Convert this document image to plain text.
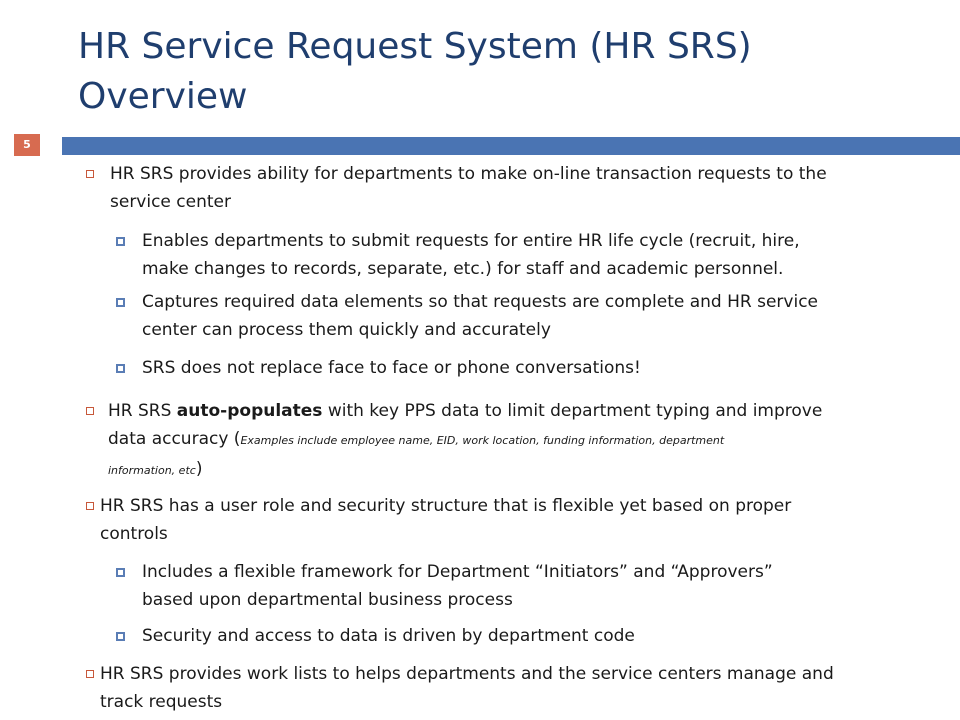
HR Service Request System (HR SRS)
Overview
5
HR SRS provides ability for departments to make on-line transaction requests to the
service center
Enables departments to submit requests for entire HR life cycle (recruit, hire,
make changes to records, separate, etc.) for staff and academic personnel.
Captures required data elements so that requests are complete and HR service
center can process them quickly and accurately
SRS does not replace face to face or phone conversations!
HR SRS auto-populates with key PPS data to limit department typing and improve
data accuracy (Examples include employee name, EID, work location, funding information, department
information, etc)
HR SRS has a user role and security structure that is flexible yet based on proper
controls
Includes a flexible framework for Department “Initiators” and “Approvers”
based upon departmental business process
Security and access to data is driven by department code
HR SRS provides work lists to helps departments and the service centers manage and
track requests
